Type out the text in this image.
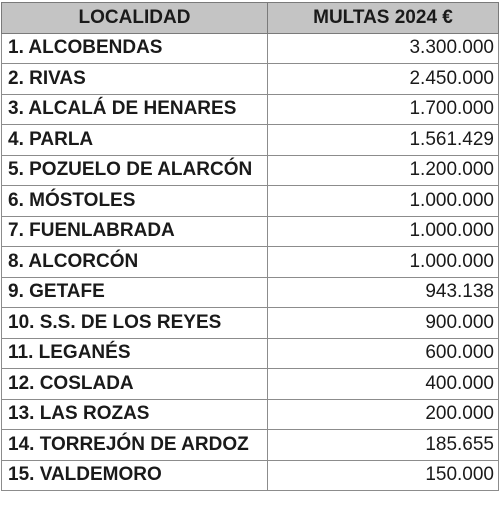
LOCALIDAD	MULTAS 2024 €
1. ALCOBENDAS	3.300.000
2. RIVAS	2.450.000
3. ALCALÁ DE HENARES	1.700.000
4. PARLA	1.561.429
5. POZUELO DE ALARCÓN	1.200.000
6. MÓSTOLES	1.000.000
7. FUENLABRADA	1.000.000
8. ALCORCÓN	1.000.000
9. GETAFE	943.138
10. S.S. DE LOS REYES	900.000
11. LEGANÉS	600.000
12. COSLADA	400.000
13. LAS ROZAS	200.000
14. TORREJÓN DE ARDOZ	185.655
15. VALDEMORO	150.000
